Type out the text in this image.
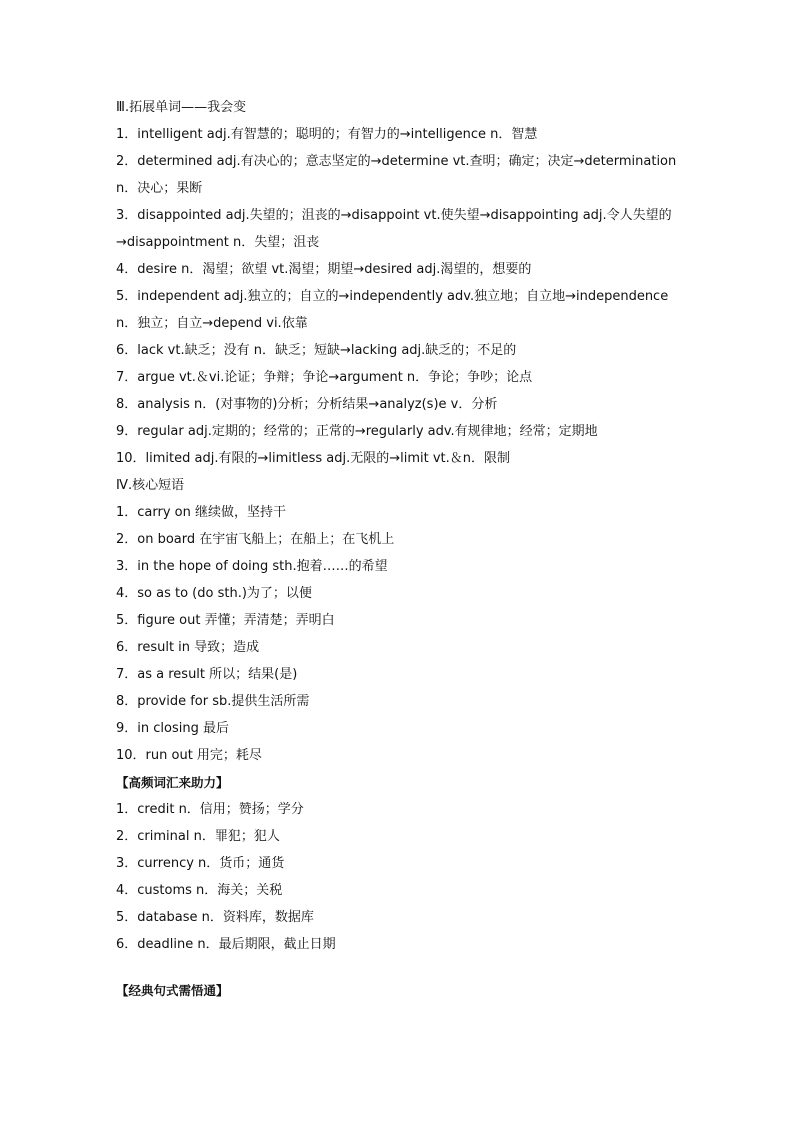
Ⅲ.拓展单词——我会变
1．intelligent adj.有智慧的；聪明的；有智力的→intelligence n．智慧
2．determined adj.有决心的；意志坚定的→determine vt.查明；确定；决定→determination n．决心；果断
3．disappointed adj.失望的；沮丧的→disappoint vt.使失望→disappointing adj.令人失望的→disappointment n．失望；沮丧
4．desire n．渴望；欲望 vt.渴望；期望→desired adj.渴望的，想要的
5．independent adj.独立的；自立的→independently adv.独立地；自立地→independence n．独立；自立→depend vi.依靠
6．lack vt.缺乏；没有 n．缺乏；短缺→lacking adj.缺乏的；不足的
7．argue vt.＆vi.论证；争辩；争论→argument n．争论；争吵；论点
8．analysis n．(对事物的)分析；分析结果→analyz(s)e v．分析
9．regular adj.定期的；经常的；正常的→regularly adv.有规律地；经常；定期地
10．limited adj.有限的→limitless adj.无限的→limit vt.＆n．限制
Ⅳ.核心短语
1．carry on 继续做，坚持干
2．on board 在宇宙飞船上；在船上；在飞机上
3．in the hope of doing sth.抱着……的希望
4．so as to (do sth.)为了；以便
5．figure out 弄懂；弄清楚；弄明白
6．result in 导致；造成
7．as a result 所以；结果(是)
8．provide for sb.提供生活所需
9．in closing 最后
10．run out 用完；耗尽
【高频词汇来助力】
1．credit n．信用；赞扬；学分
2．criminal n．罪犯；犯人
3．currency n．货币；通货
4．customs n．海关；关税
5．database n．资料库，数据库
6．deadline n．最后期限，截止日期
【经典句式需悟通】
